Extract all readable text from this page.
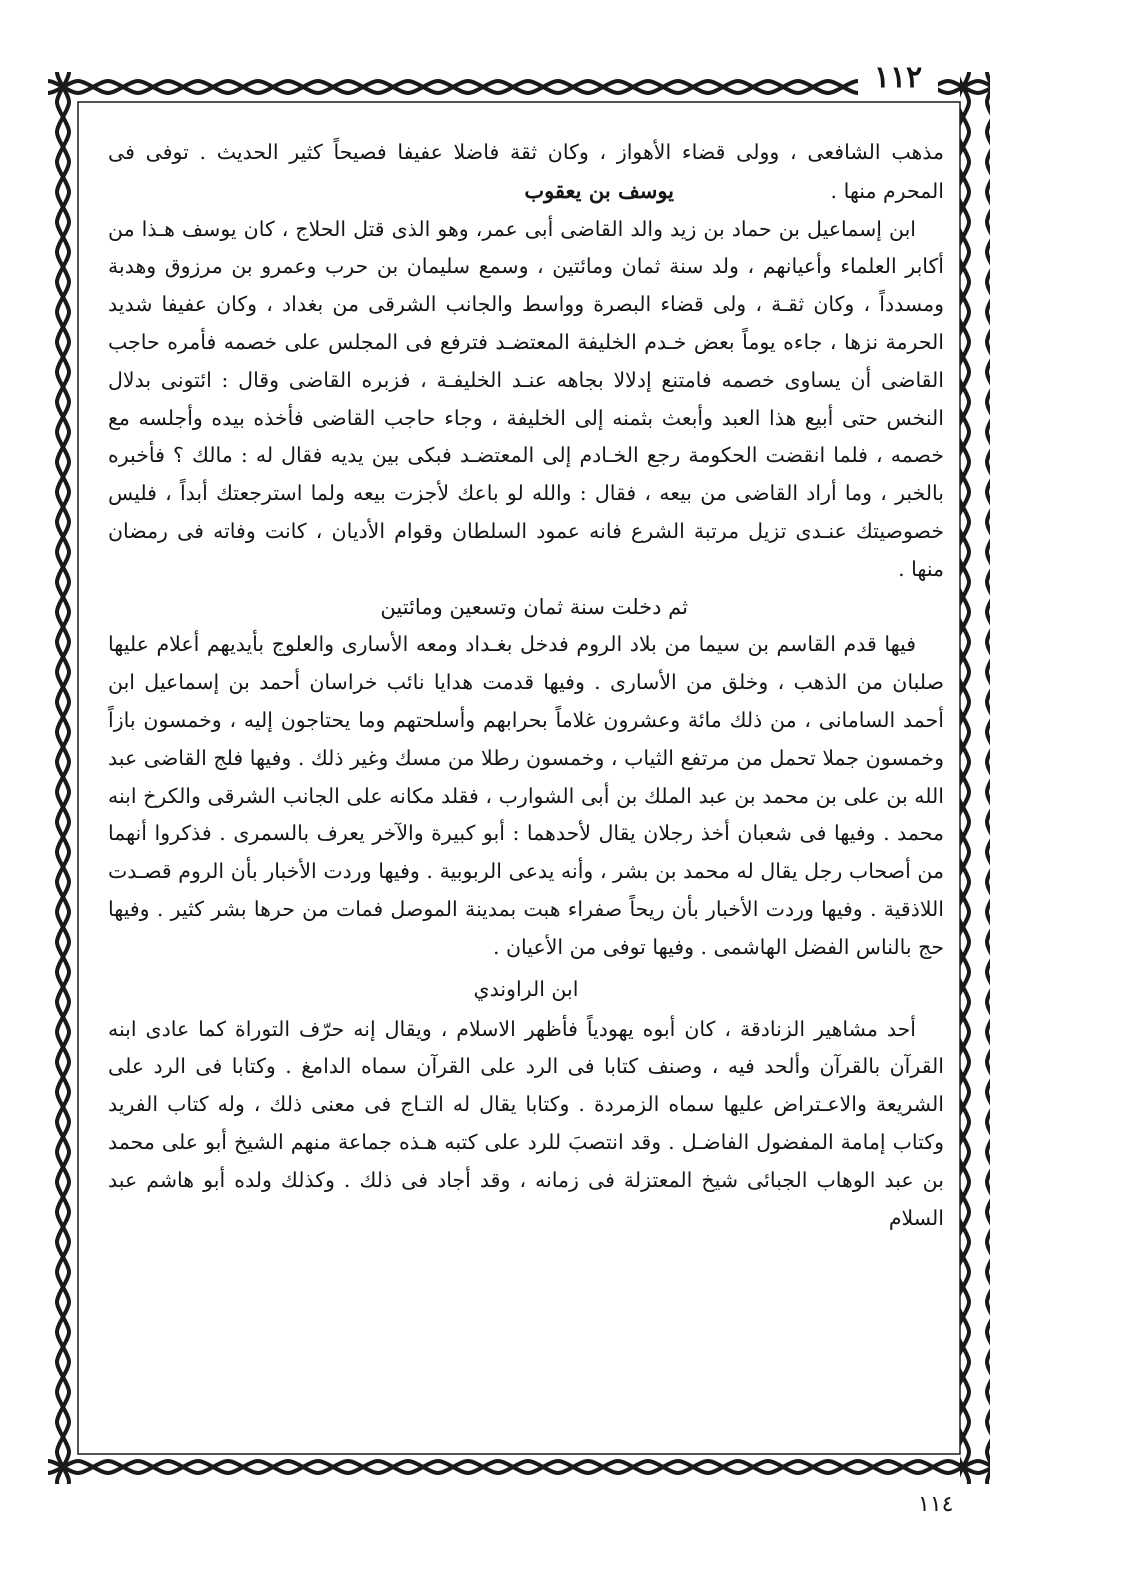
١١٢

مذهب الشافعى ، وولى قضاء الأهواز ، وكان ثقة فاضلا عفيفا فصيحاً كثير الحديث . توفى فى المحرم منها . يوسف بن يعقوب

ابن إسماعيل بن حماد بن زيد والد القاضى أبى عمر، وهو الذى قتل الحلاج ، كان يوسف هـذا من أكابر العلماء وأعيانهم ، ولد سنة ثمان ومائتين ، وسمع سليمان بن حرب وعمرو بن مرزوق وهدبة ومسدداً ، وكان ثقـة ، ولى قضاء البصرة وواسط والجانب الشرقى من بغداد ، وكان عفيفا شديد الحرمة نزها ، جاءه يوماً بعض خـدم الخليفة المعتضـد فترفع فى المجلس على خصمه فأمره حاجب القاضى أن يساوى خصمه فامتنع إدلالا بجاهه عنـد الخليفـة ، فزبره القاضى وقال : ائتونى بدلال النخس حتى أبيع هذا العبد وأبعث بثمنه إلى الخليفة ، وجاء حاجب القاضى فأخذه بيده وأجلسه مع خصمه ، فلما انقضت الحكومة رجع الخـادم إلى المعتضـد فبكى بين يديه فقال له : مالك ؟ فأخبره بالخبر ، وما أراد القاضى من بيعه ، فقال : والله لو باعك لأجزت بيعه ولما استرجعتك أبداً ، فليس خصوصيتك عنـدى تزيل مرتبة الشرع فانه عمود السلطان وقوام الأديان ، كانت وفاته فى رمضان منها .

ثم دخلت سنة ثمان وتسعين ومائتين

فيها قدم القاسم بن سيما من بلاد الروم فدخل بغـداد ومعه الأسارى والعلوج بأيديهم أعلام عليها صلبان من الذهب ، وخلق من الأسارى . وفيها قدمت هدايا نائب خراسان أحمد بن إسماعيل ابن أحمد السامانى ، من ذلك مائة وعشرون غلاماً بحرابهم وأسلحتهم وما يحتاجون إليه ، وخمسون بازاً وخمسون جملا تحمل من مرتفع الثياب ، وخمسون رطلا من مسك وغير ذلك . وفيها فلج القاضى عبد الله بن على بن محمد بن عبد الملك بن أبى الشوارب ، فقلد مكانه على الجانب الشرقى والكرخ ابنه محمد . وفيها فى شعبان أخذ رجلان يقال لأحدهما : أبو كبيرة والآخر يعرف بالسمرى . فذكروا أنهما من أصحاب رجل يقال له محمد بن بشر ، وأنه يدعى الربوبية . وفيها وردت الأخبار بأن الروم قصـدت اللاذقية . وفيها وردت الأخبار بأن ريحاً صفراء هبت بمدينة الموصل فمات من حرها بشر كثير . وفيها حج بالناس الفضل الهاشمى . وفيها توفى من الأعيان .

ابن الراوندي

أحد مشاهير الزنادقة ، كان أبوه يهودياً فأظهر الاسلام ، ويقال إنه حرّف التوراة كما عادى ابنه القرآن بالقرآن وألحد فيه ، وصنف كتابا فى الرد على القرآن سماه الدامغ . وكتابا فى الرد على الشريعة والاعـتراض عليها سماه الزمردة . وكتابا يقال له التـاج فى معنى ذلك ، وله كتاب الفريد وكتاب إمامة المفضول الفاضـل . وقد انتصبَ للرد على كتبه هـذه جماعة منهم الشيخ أبو على محمد بن عبد الوهاب الجبائى شيخ المعتزلة فى زمانه ، وقد أجاد فى ذلك . وكذلك ولده أبو هاشم عبد السلام

١١٤
